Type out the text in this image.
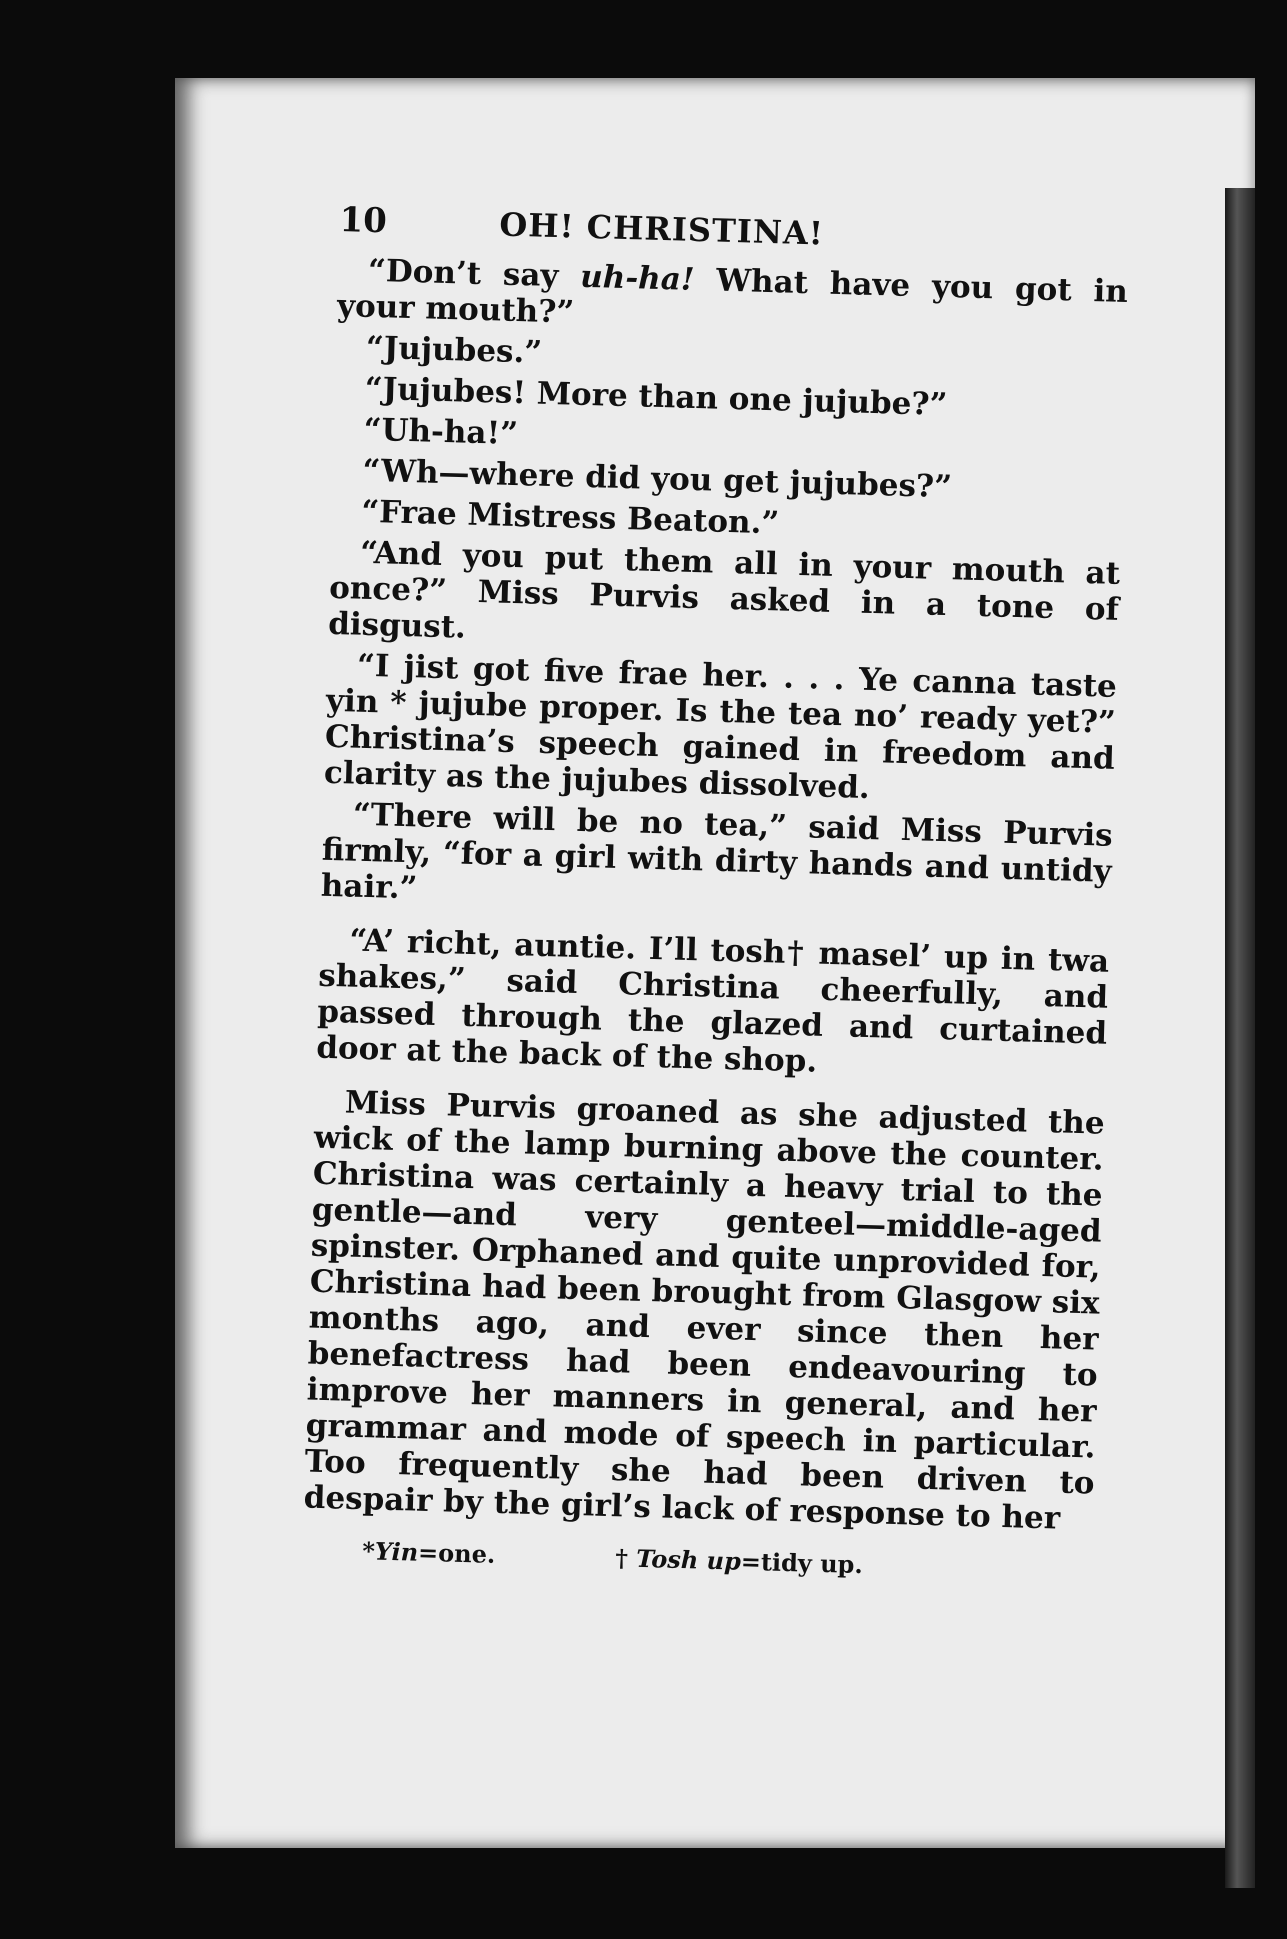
10	OH! CHRISTINA!

“Don’t say uh-ha! What have you got in your mouth?”

“Jujubes.”

“Jujubes! More than one jujube?”

“Uh-ha!”

“Wh—where did you get jujubes?”

“Frae Mistress Beaton.”

“And you put them all in your mouth at once?” Miss Purvis asked in a tone of disgust.

“I jist got five frae her. . . . Ye canna taste yin * jujube proper. Is the tea no’ ready yet?” Christina’s speech gained in freedom and clarity as the jujubes dissolved.

“There will be no tea,” said Miss Purvis firmly, “for a girl with dirty hands and untidy hair.”

“A’ richt, auntie. I’ll tosh† masel’ up in twa shakes,” said Christina cheerfully, and passed through the glazed and curtained door at the back of the shop.

Miss Purvis groaned as she adjusted the wick of the lamp burning above the counter. Christina was certainly a heavy trial to the gentle—and very genteel—middle-aged spinster. Orphaned and quite unprovided for, Christina had been brought from Glasgow six months ago, and ever since then her benefactress had been endeavouring to improve her manners in general, and her grammar and mode of speech in particular. Too frequently she had been driven to despair by the girl’s lack of response to her

*Yin=one.	† Tosh up=tidy up.
